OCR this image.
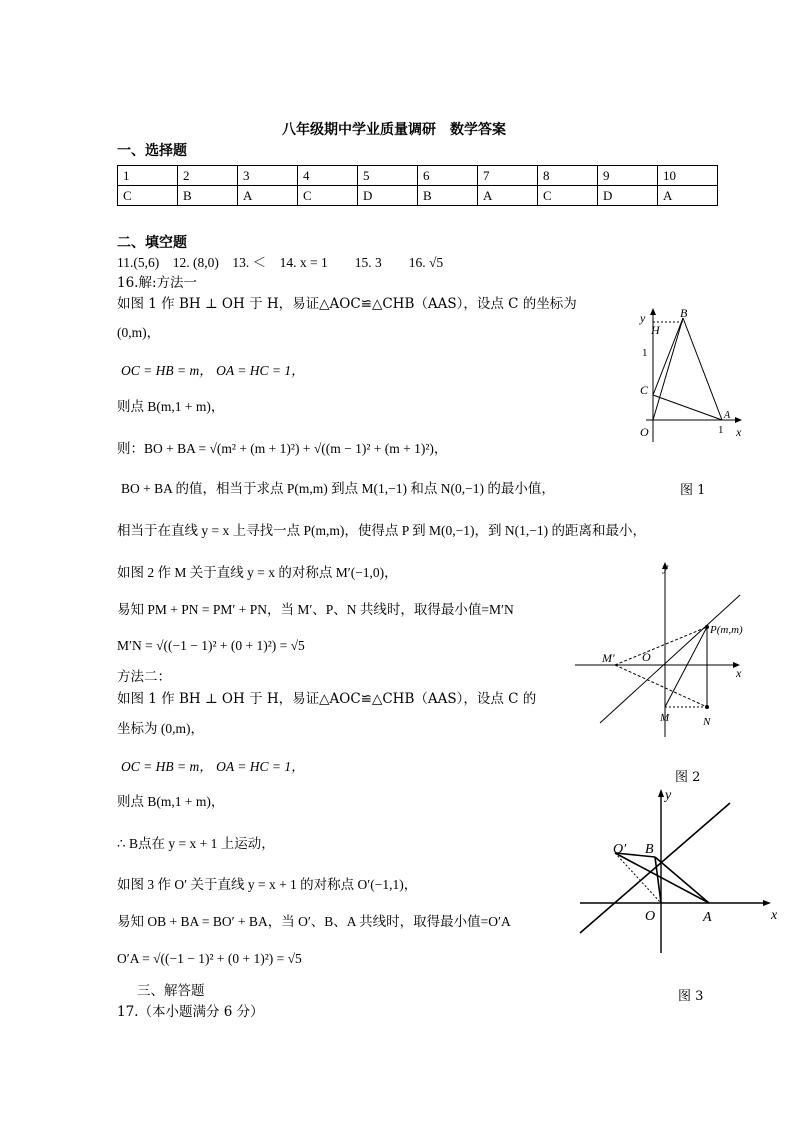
八年级期中学业质量调研　数学答案
一、选择题
1	2	3	4	5	6	7	8	9	10
C	B	A	C	D	B	A	C	D	A
二、填空题
11.(5,6)　12. (8,0)　13. ＜　14. x = 1　　15. 3　　16. √5
16.解:方法一
如图 1 作 BH ⊥ OH 于 H，易证△AOC≌△CHB（AAS），设点 C 的坐标为
(0,m)，
OC = HB = m， OA = HC = 1，
则点 B(m,1 + m)，
则：BO + BA = √(m² + (m + 1)²) + √((m − 1)² + (m + 1)²)，
BO + BA 的值，相当于求点 P(m,m) 到点 M(1,−1) 和点 N(0,−1) 的最小值，
相当于在直线 y = x 上寻找一点 P(m,m)，使得点 P 到 M(0,−1)，到 N(1,−1) 的距离和最小，
如图 2 作 M 关于直线 y = x 的对称点 M′(−1,0)，
易知 PM + PN = PM′ + PN，当 M′、P、N 共线时，取得最小值=M′N
M′N = √((−1 − 1)² + (0 + 1)²) = √5
方法二：
如图 1 作 BH ⊥ OH 于 H，易证△AOC≌△CHB（AAS），设点 C 的
坐标为 (0,m)，
OC = HB = m， OA = HC = 1，
则点 B(m,1 + m)，
∴ B点在 y = x + 1 上运动，
如图 3 作 O′ 关于直线 y = x + 1 的对称点 O′(−1,1)，
易知 OB + BA = BO′ + BA，当 O′、B、A 共线时，取得最小值=O′A
O′A = √((−1 − 1)² + (0 + 1)²) = √5
三、解答题
17.（本小题满分 6 分）
y
H
B
1
C
O
A
1 x
图 1
y
P(m,m)
M′ O
x
M	N
图 2
y
O′ B
O	A	x
图 3
